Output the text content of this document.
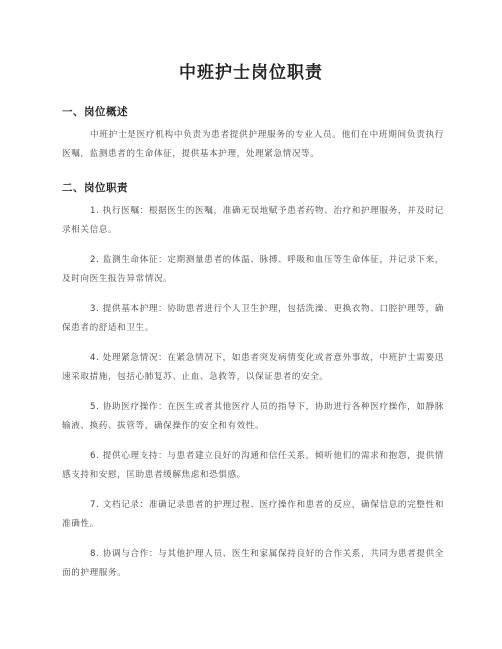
中班护士岗位职责
一、岗位概述

中班护士是医疗机构中负责为患者提供护理服务的专业人员。他们在中班期间负责执行医嘱，监测患者的生命体征，提供基本护理，处理紧急情况等。

二、岗位职责

1. 执行医嘱：根据医生的医嘱，准确无误地赋予患者药物、治疗和护理服务，并及时记录相关信息。

2. 监测生命体征：定期测量患者的体温、脉搏、呼吸和血压等生命体征，并记录下来，及时向医生报告异常情况。

3. 提供基本护理：协助患者进行个人卫生护理，包括洗澡、更换衣物、口腔护理等，确保患者的舒适和卫生。

4. 处理紧急情况：在紧急情况下，如患者突发病情变化或者意外事故，中班护士需要迅速采取措施，包括心肺复苏、止血、急救等，以保证患者的安全。

5. 协助医疗操作：在医生或者其他医疗人员的指导下，协助进行各种医疗操作，如静脉输液、换药、拔管等，确保操作的安全和有效性。

6. 提供心理支持：与患者建立良好的沟通和信任关系，倾听他们的需求和抱怨，提供情感支持和安慰，匡助患者缓解焦虑和恐惧感。

7. 文档记录：准确记录患者的护理过程、医疗操作和患者的反应，确保信息的完整性和准确性。

8. 协调与合作：与其他护理人员、医生和家属保持良好的合作关系，共同为患者提供全面的护理服务。
